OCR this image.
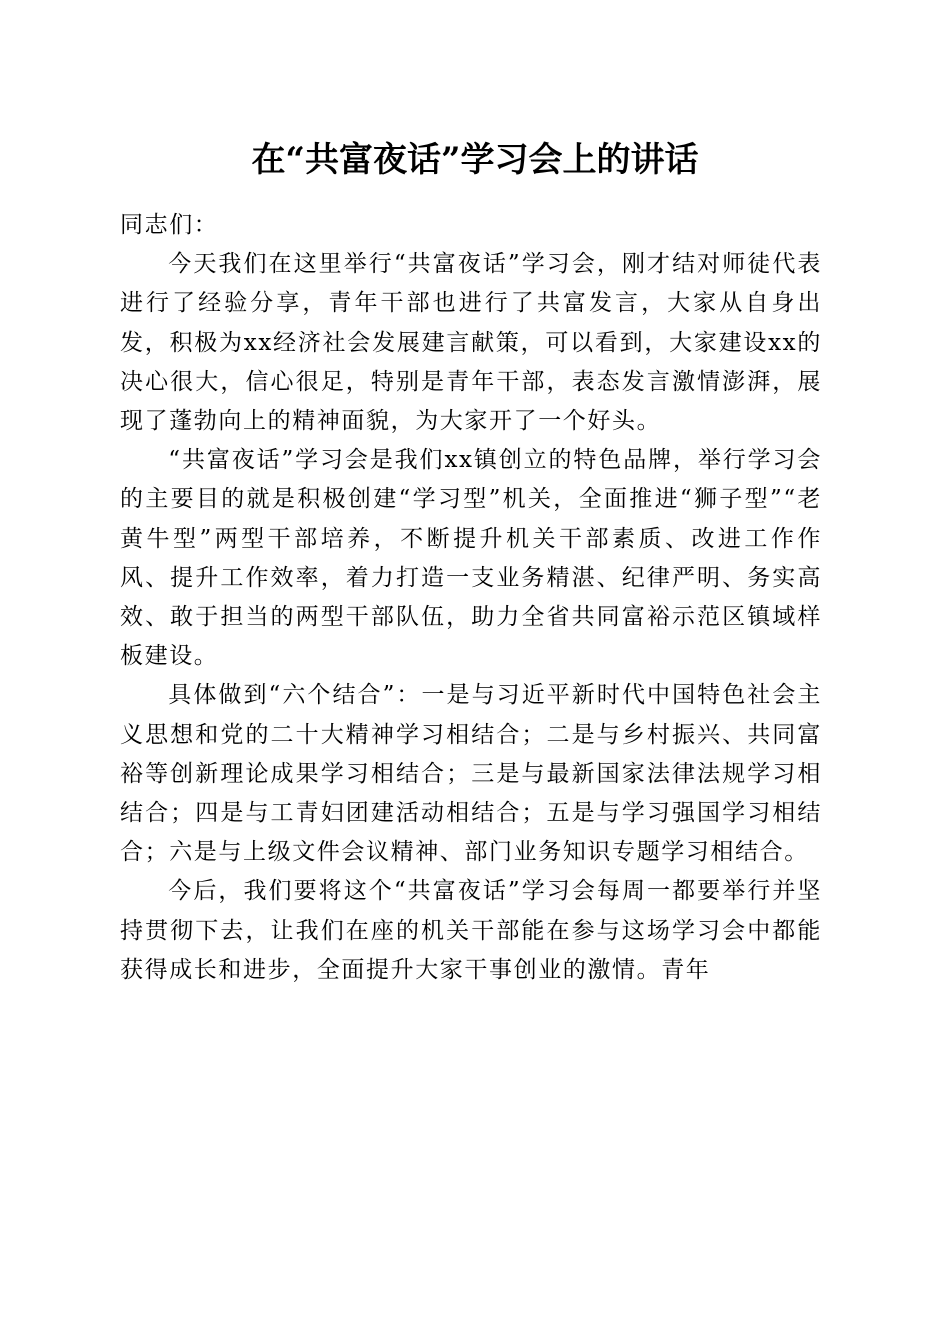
在“共富夜话”学习会上的讲话

同志们：

今天我们在这里举行“共富夜话”学习会，刚才结对师徒代表进行了经验分享，青年干部也进行了共富发言，大家从自身出发，积极为xx经济社会发展建言献策，可以看到，大家建设xx的决心很大，信心很足，特别是青年干部，表态发言激情澎湃，展现了蓬勃向上的精神面貌，为大家开了一个好头。

“共富夜话”学习会是我们xx镇创立的特色品牌，举行学习会的主要目的就是积极创建“学习型”机关，全面推进“狮子型”“老黄牛型”两型干部培养，不断提升机关干部素质、改进工作作风、提升工作效率，着力打造一支业务精湛、纪律严明、务实高效、敢于担当的两型干部队伍，助力全省共同富裕示范区镇域样板建设。

具体做到“六个结合”：一是与习近平新时代中国特色社会主义思想和党的二十大精神学习相结合；二是与乡村振兴、共同富裕等创新理论成果学习相结合；三是与最新国家法律法规学习相结合；四是与工青妇团建活动相结合；五是与学习强国学习相结合；六是与上级文件会议精神、部门业务知识专题学习相结合。

今后，我们要将这个“共富夜话”学习会每周一都要举行并坚持贯彻下去，让我们在座的机关干部能在参与这场学习会中都能获得成长和进步，全面提升大家干事创业的激情。青年
